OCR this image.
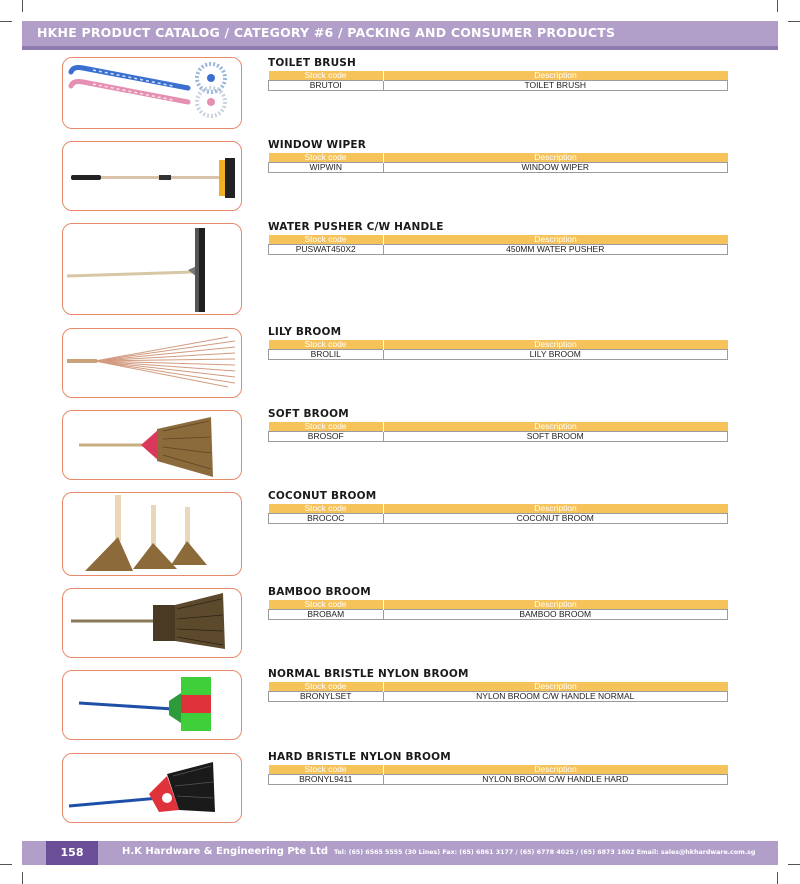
HKHE PRODUCT CATALOG / CATEGORY #6 / PACKING AND CONSUMER PRODUCTS
TOILET BRUSH
Stock code	Description
BRUTOI	TOILET BRUSH
WINDOW WIPER
Stock code	Description
WIPWIN	WINDOW WIPER
WATER PUSHER C/W HANDLE
Stock code	Description
PUSWAT450X2	450MM WATER PUSHER
LILY BROOM
Stock code	Description
BROLIL	LILY BROOM
SOFT BROOM
Stock code	Description
BROSOF	SOFT BROOM
COCONUT BROOM
Stock code	Description
BROCOC	COCONUT BROOM
BAMBOO BROOM
Stock code	Description
BROBAM	BAMBOO BROOM
NORMAL BRISTLE NYLON BROOM
Stock code	Description
BRONYLSET	NYLON BROOM C/W HANDLE NORMAL
HARD BRISTLE NYLON BROOM
Stock code	Description
BRONYL9411	NYLON BROOM C/W HANDLE HARD
158	H.K Hardware & Engineering Pte Ltd Tel: (65) 6565 5555 (30 Lines) Fax: (65) 6861 3177 / (65) 6778 4025 / (65) 6873 1602 Email: sales@hkhardware.com.sg
